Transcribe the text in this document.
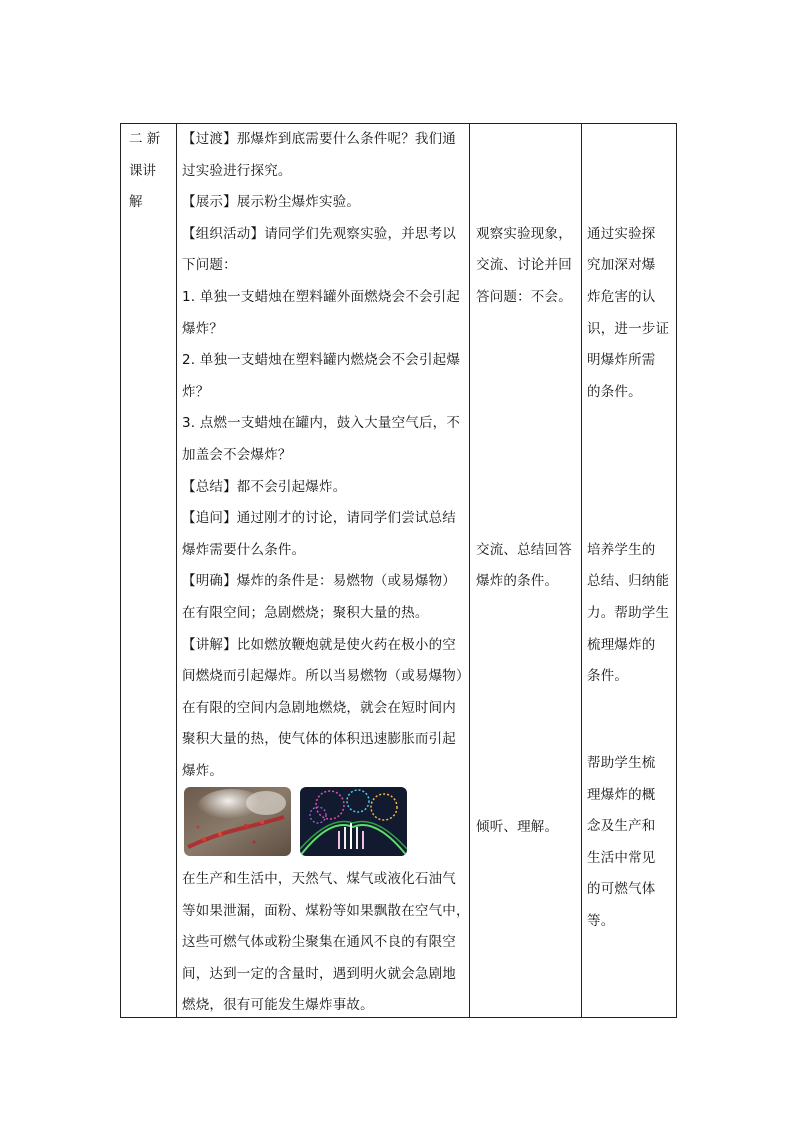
二 新
课讲
解
【过渡】那爆炸到底需要什么条件呢？我们通
过实验进行探究。
【展示】展示粉尘爆炸实验。
【组织活动】请同学们先观察实验，并思考以
下问题：
1. 单独一支蜡烛在塑料罐外面燃烧会不会引起
爆炸？
2. 单独一支蜡烛在塑料罐内燃烧会不会引起爆
炸？
3. 点燃一支蜡烛在罐内，鼓入大量空气后，不
加盖会不会爆炸？
【总结】都不会引起爆炸。
【追问】通过刚才的讨论，请同学们尝试总结
爆炸需要什么条件。
【明确】爆炸的条件是：易燃物（或易爆物）
在有限空间；急剧燃烧；聚积大量的热。
【讲解】比如燃放鞭炮就是使火药在极小的空
间燃烧而引起爆炸。所以当易燃物（或易爆物）
在有限的空间内急剧地燃烧，就会在短时间内
聚积大量的热，使气体的体积迅速膨胀而引起
爆炸。
在生产和生活中，天然气、煤气或液化石油气
等如果泄漏，面粉、煤粉等如果飘散在空气中，
这些可燃气体或粉尘聚集在通风不良的有限空
间，达到一定的含量时，遇到明火就会急剧地
燃烧，很有可能发生爆炸事故。
观察实验现象，
交流、讨论并回
答问题：不会。
交流、总结回答
爆炸的条件。
倾听、理解。
通过实验探
究加深对爆
炸危害的认
识，进一步证
明爆炸所需
的条件。
培养学生的
总结、归纳能
力。帮助学生
梳理爆炸的
条件。
帮助学生梳
理爆炸的概
念及生产和
生活中常见
的可燃气体
等。
